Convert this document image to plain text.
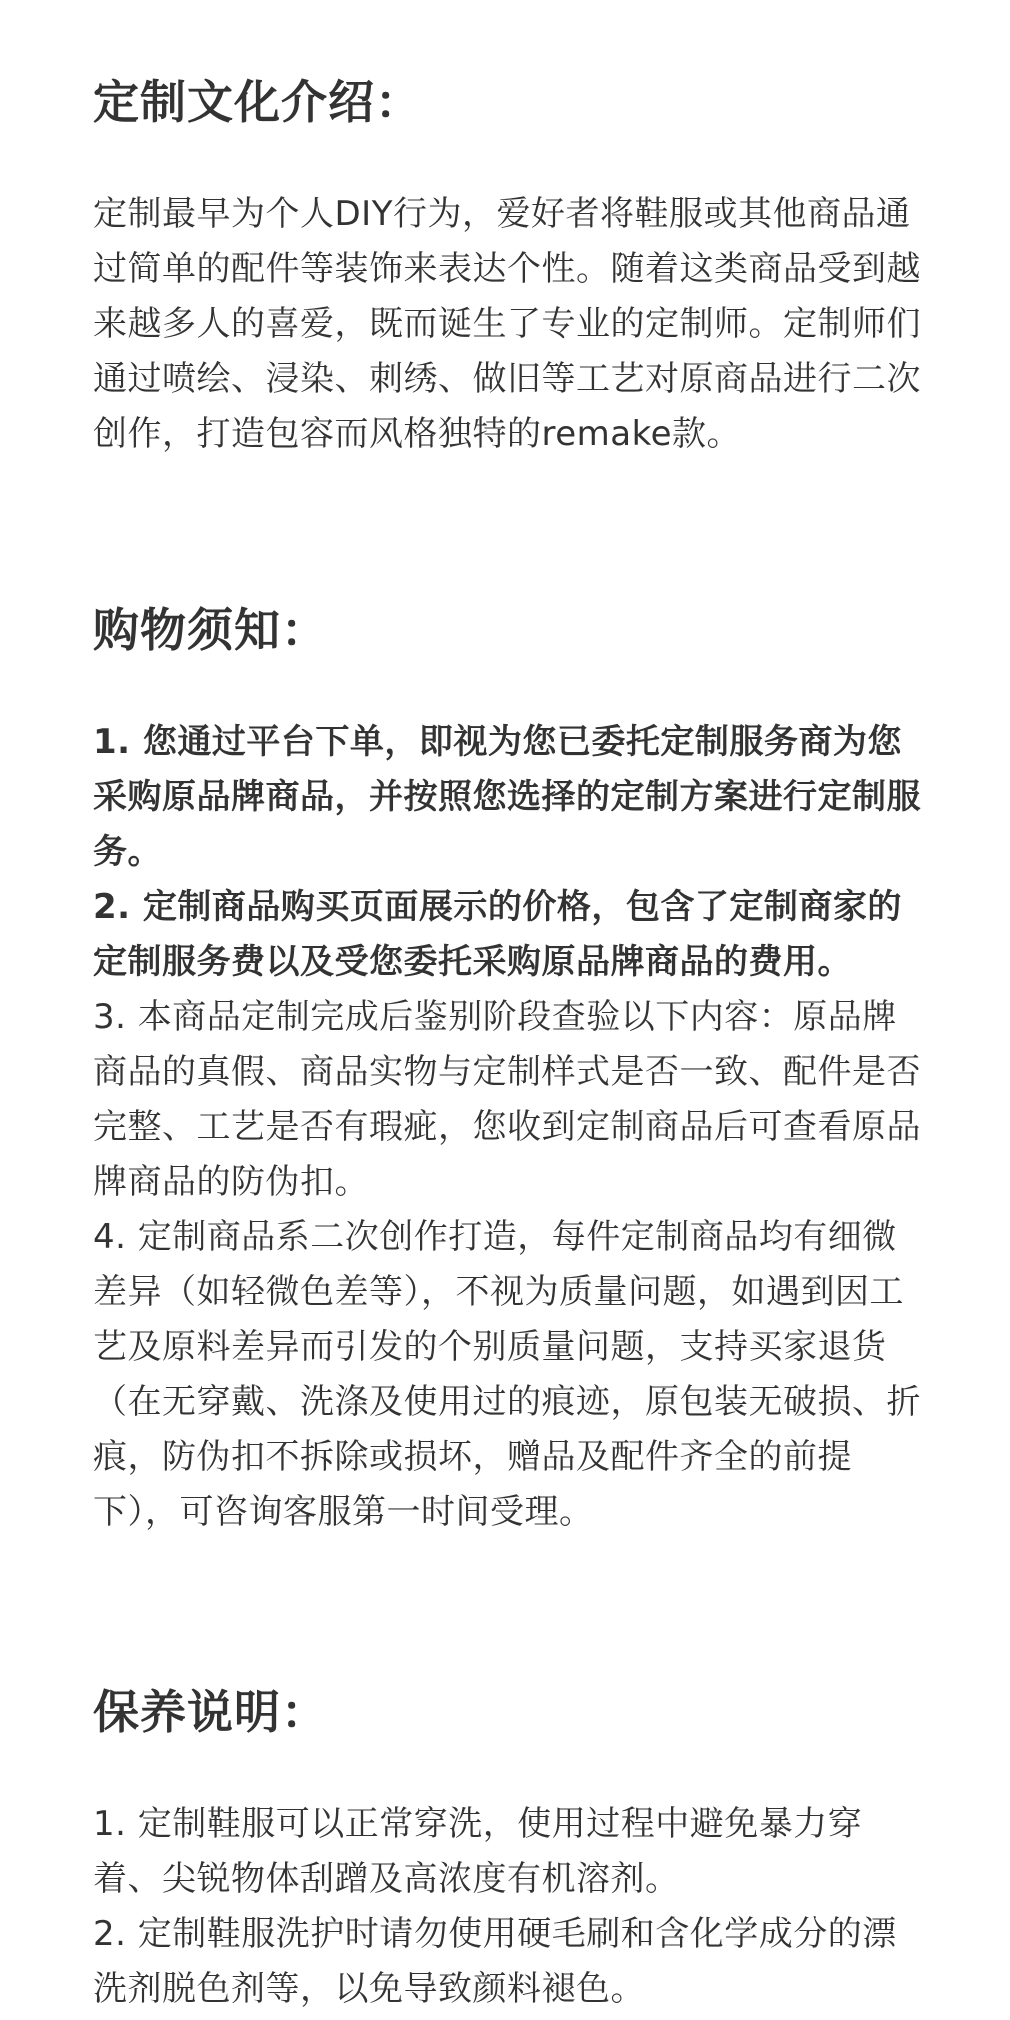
定制文化介绍：

定制最早为个人DIY行为，爱好者将鞋服或其他商品通过简单的配件等装饰来表达个性。随着这类商品受到越来越多人的喜爱，既而诞生了专业的定制师。定制师们通过喷绘、浸染、刺绣、做旧等工艺对原商品进行二次创作，打造包容而风格独特的remake款。

购物须知：

1. 您通过平台下单，即视为您已委托定制服务商为您采购原品牌商品，并按照您选择的定制方案进行定制服务。

2. 定制商品购买页面展示的价格，包含了定制商家的定制服务费以及受您委托采购原品牌商品的费用。

3. 本商品定制完成后鉴别阶段查验以下内容：原品牌商品的真假、商品实物与定制样式是否一致、配件是否完整、工艺是否有瑕疵，您收到定制商品后可查看原品牌商品的防伪扣。

4. 定制商品系二次创作打造，每件定制商品均有细微差异（如轻微色差等），不视为质量问题，如遇到因工艺及原料差异而引发的个别质量问题，支持买家退货（在无穿戴、洗涤及使用过的痕迹，原包装无破损、折痕，防伪扣不拆除或损坏，赠品及配件齐全的前提下），可咨询客服第一时间受理。

保养说明：

1. 定制鞋服可以正常穿洗，使用过程中避免暴力穿着、尖锐物体刮蹭及高浓度有机溶剂。

2. 定制鞋服洗护时请勿使用硬毛刷和含化学成分的漂洗剂脱色剂等，以免导致颜料褪色。
